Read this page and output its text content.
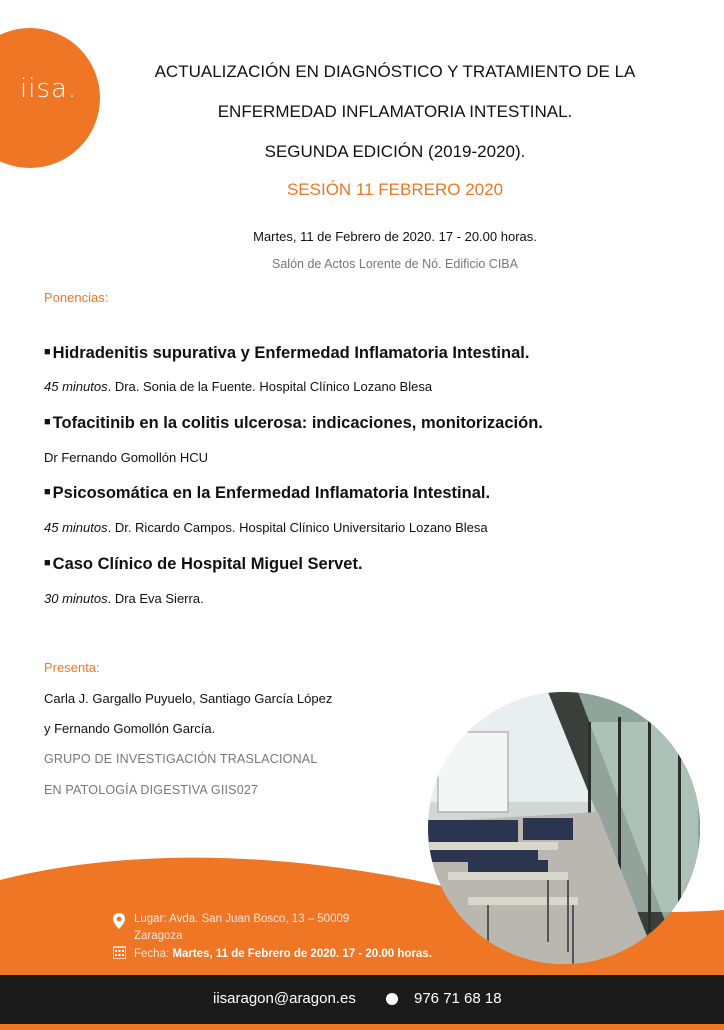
iisa.
ACTUALIZACIÓN EN DIAGNÓSTICO Y TRATAMIENTO DE LA
ENFERMEDAD INFLAMATORIA INTESTINAL.
SEGUNDA EDICIÓN (2019-2020).
SESIÓN 11 FEBRERO 2020
Martes, 11 de Febrero de 2020. 17 - 20.00 horas.
Salón de Actos Lorente de Nó. Edificio CIBA
Ponencias:
■ Hidradenitis supurativa y Enfermedad Inflamatoria Intestinal.
45 minutos. Dra. Sonia de la Fuente. Hospital Clínico Lozano Blesa
■ Tofacitinib en la colitis ulcerosa: indicaciones, monitorización.
Dr Fernando Gomollón HCU
■ Psicosomática en la Enfermedad Inflamatoria Intestinal.
45 minutos. Dr. Ricardo Campos. Hospital Clínico Universitario Lozano Blesa
■ Caso Clínico de Hospital Miguel Servet.
30 minutos. Dra Eva Sierra.
Presenta:
Carla J. Gargallo Puyuelo, Santiago García López
y Fernando Gomollón García.
GRUPO DE INVESTIGACIÓN TRASLACIONAL
EN PATOLOGÍA DIGESTIVA GIIS027
Lugar: Avda. San Juan Bosco, 13 – 50009
Zaragoza
Fecha: Martes, 11 de Febrero de 2020. 17 - 20.00 horas.
iisaragon@aragon.es	976 71 68 18
